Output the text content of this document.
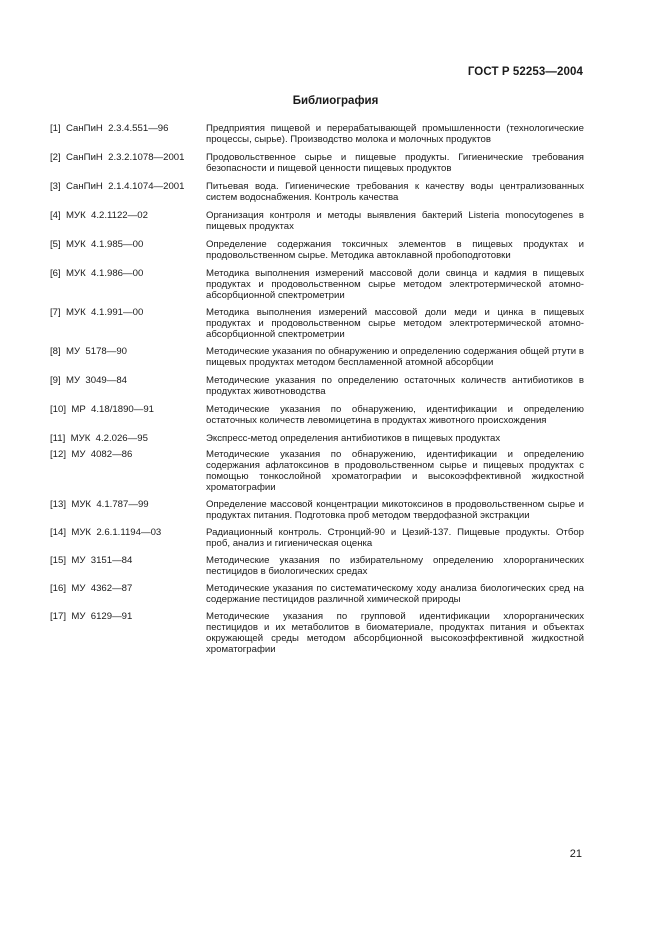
ГОСТ Р 52253—2004
Библиография
[1]  СанПиН  2.3.4.551—96	Предприятия пищевой и перерабатывающей промышленности (технологические процессы, сырье). Производство молока и молочных продуктов
[2]  СанПиН  2.3.2.1078—2001	Продовольственное сырье и пищевые продукты. Гигиенические требования безопасности и пищевой ценности пищевых продуктов
[3]  СанПиН  2.1.4.1074—2001	Питьевая вода. Гигиенические требования к качеству воды централизованных систем водоснабжения. Контроль качества
[4]  МУК  4.2.1122—02	Организация контроля и методы выявления бактерий Listeria monocytogenes в пищевых продуктах
[5]  МУК  4.1.985—00	Определение содержания токсичных элементов в пищевых продуктах и продовольственном сырье. Методика автоклавной пробоподготовки
[6]  МУК  4.1.986—00	Методика выполнения измерений массовой доли свинца и кадмия в пищевых продуктах и продовольственном сырье методом электротермической атомно-абсорбционной спектрометрии
[7]  МУК  4.1.991—00	Методика выполнения измерений массовой доли меди и цинка в пищевых продуктах и продовольственном сырье методом электротермической атомно-абсорбционной спектрометрии
[8]  МУ  5178—90	Методические указания по обнаружению и определению содержания общей ртути в пищевых продуктах методом беспламенной атомной абсорбции
[9]  МУ  3049—84	Методические указания по определению остаточных количеств антибиотиков в продуктах животноводства
[10]  МР  4.18/1890—91	Методические указания по обнаружению, идентификации и определению остаточных количеств левомицетина в продуктах животного происхождения
[11]  МУК  4.2.026—95	Экспресс-метод определения антибиотиков в пищевых продуктах
[12]  МУ  4082—86	Методические указания по обнаружению, идентификации и определению содержания афлатоксинов в продовольственном сырье и пищевых продуктах с помощью тонкослойной хроматографии и высокоэффективной жидкостной хроматографии
[13]  МУК  4.1.787—99	Определение массовой концентрации микотоксинов в продовольственном сырье и продуктах питания. Подготовка проб методом твердофазной экстракции
[14]  МУК  2.6.1.1194—03	Радиационный контроль. Стронций-90 и Цезий-137. Пищевые продукты. Отбор проб, анализ и гигиеническая оценка
[15]  МУ  3151—84	Методические указания по избирательному определению хлорорганических пестицидов в биологических средах
[16]  МУ  4362—87	Методические указания по систематическому ходу анализа биологических сред на содержание пестицидов различной химической природы
[17]  МУ  6129—91	Методические указания по групповой идентификации хлорорганических пестицидов и их метаболитов в биоматериале, продуктах питания и объектах окружающей среды методом абсорбционной высокоэффективной жидкостной хроматографии
21
